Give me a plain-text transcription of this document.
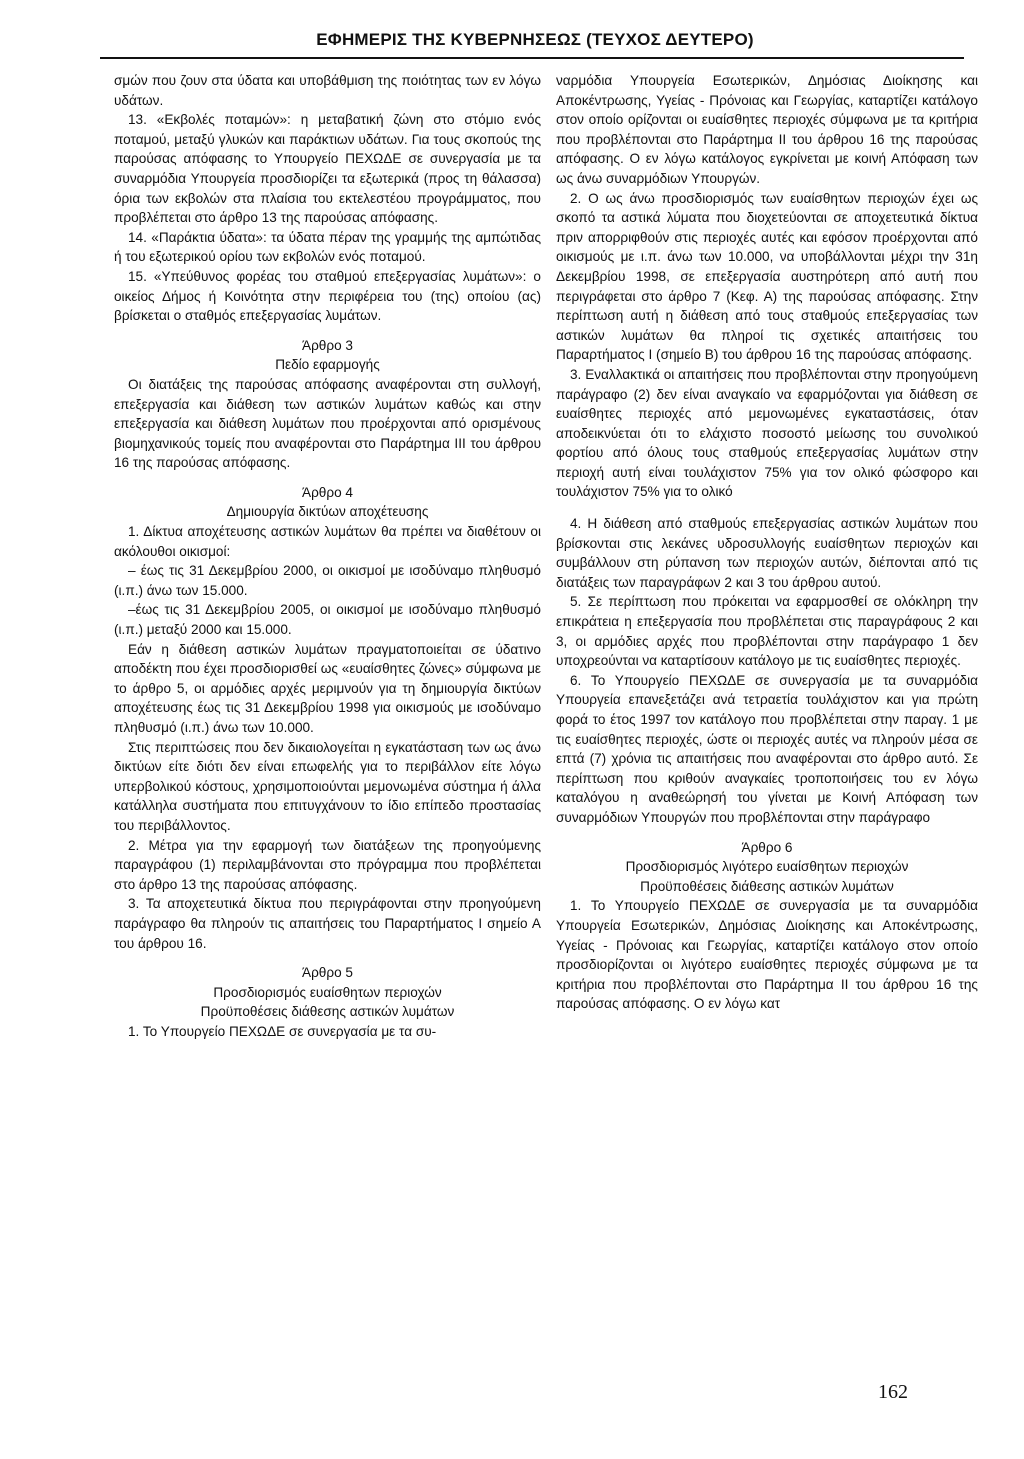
ΕΦΗΜΕΡΙΣ ΤΗΣ ΚΥΒΕΡΝΗΣΕΩΣ (ΤΕΥΧΟΣ ΔΕΥΤΕΡΟ)

σμών που ζουν στα ύδατα και υποβάθμιση της ποιότητας των εν λόγω υδάτων.

13. «Εκβολές ποταμών»: η μεταβατική ζώνη στο στόμιο ενός ποταμού, μεταξύ γλυκών και παράκτιων υδάτων. Για τους σκοπούς της παρούσας απόφασης το Υπουργείο ΠΕΧΩΔΕ σε συνεργασία με τα συναρμόδια Υπουργεία προσδιορίζει τα εξωτερικά (προς τη θάλασσα) όρια των εκβολών στα πλαίσια του εκτελεστέου προγράμματος, που προβλέπεται στο άρθρο 13 της παρούσας απόφασης.

14. «Παράκτια ύδατα»: τα ύδατα πέραν της γραμμής της αμπώτιδας ή του εξωτερικού ορίου των εκβολών ενός ποταμού.

15. «Υπεύθυνος φορέας του σταθμού επεξεργασίας λυμάτων»: ο οικείος Δήμος ή Κοινότητα στην περιφέρεια του (της) οποίου (ας) βρίσκεται ο σταθμός επεξεργασίας λυμάτων.

Άρθρο 3
Πεδίο εφαρμογής

Οι διατάξεις της παρούσας απόφασης αναφέρονται στη συλλογή, επεξεργασία και διάθεση των αστικών λυμάτων καθώς και στην επεξεργασία και διάθεση λυμάτων που προέρχονται από ορισμένους βιομηχανικούς τομείς που αναφέρονται στο Παράρτημα III του άρθρου 16 της παρούσας απόφασης.

Άρθρο 4
Δημιουργία δικτύων αποχέτευσης

1. Δίκτυα αποχέτευσης αστικών λυμάτων θα πρέπει να διαθέτουν οι ακόλουθοι οικισμοί:

– έως τις 31 Δεκεμβρίου 2000, οι οικισμοί με ισοδύναμο πληθυσμό (ι.π.) άνω των 15.000.

–έως τις 31 Δεκεμβρίου 2005, οι οικισμοί με ισοδύναμο πληθυσμό (ι.π.) μεταξύ 2000 και 15.000.

Εάν η διάθεση αστικών λυμάτων πραγματοποιείται σε ύδατινο αποδέκτη που έχει προσδιορισθεί ως «ευαίσθητες ζώνες» σύμφωνα με το άρθρο 5, οι αρμόδιες αρχές μεριμνούν για τη δημιουργία δικτύων αποχέτευσης έως τις 31 Δεκεμβρίου 1998 για οικισμούς με ισοδύναμο πληθυσμό (ι.π.) άνω των 10.000.

Στις περιπτώσεις που δεν δικαιολογείται η εγκατάσταση των ως άνω δικτύων είτε διότι δεν είναι επωφελής για το περιβάλλον είτε λόγω υπερβολικού κόστους, χρησιμοποιούνται μεμονωμένα σύστημα ή άλλα κατάλληλα συστήματα που επιτυγχάνουν το ίδιο επίπεδο προστασίας του περιβάλλοντος.

2. Μέτρα για την εφαρμογή των διατάξεων της προηγούμενης παραγράφου (1) περιλαμβάνονται στο πρόγραμμα που προβλέπεται στο άρθρο 13 της παρούσας απόφασης.

3. Τα αποχετευτικά δίκτυα που περιγράφονται στην προηγούμενη παράγραφο θα πληρούν τις απαιτήσεις του Παραρτήματος I σημείο Α του άρθρου 16.

Άρθρο 5
Προσδιορισμός ευαίσθητων περιοχών
Προϋποθέσεις διάθεσης αστικών λυμάτων

1. Το Υπουργείο ΠΕΧΩΔΕ σε συνεργασία με τα συ-

ναρμόδια Υπουργεία Εσωτερικών, Δημόσιας Διοίκησης και Αποκέντρωσης, Υγείας - Πρόνοιας και Γεωργίας, καταρτίζει κατάλογο στον οποίο ορίζονται οι ευαίσθητες περιοχές σύμφωνα με τα κριτήρια που προβλέπονται στο Παράρτημα II του άρθρου 16 της παρούσας απόφασης. Ο εν λόγω κατάλογος εγκρίνεται με κοινή Απόφαση των ως άνω συναρμόδιων Υπουργών.

2. Ο ως άνω προσδιορισμός των ευαίσθητων περιοχών έχει ως σκοπό τα αστικά λύματα που διοχετεύονται σε αποχετευτικά δίκτυα πριν απορριφθούν στις περιοχές αυτές και εφόσον προέρχονται από οικισμούς με ι.π. άνω των 10.000, να υποβάλλονται μέχρι την 31η Δεκεμβρίου 1998, σε επεξεργασία αυστηρότερη από αυτή που περιγράφεται στο άρθρο 7 (Κεφ. Α) της παρούσας απόφασης. Στην περίπτωση αυτή η διάθεση από τους σταθμούς επεξεργασίας των αστικών λυμάτων θα πληροί τις σχετικές απαιτήσεις του Παραρτήματος I (σημείο Β) του άρθρου 16 της παρούσας απόφασης.

3. Εναλλακτικά οι απαιτήσεις που προβλέπονται στην προηγούμενη παράγραφο (2) δεν είναι αναγκαίο να εφαρμόζονται για διάθεση σε ευαίσθητες περιοχές από μεμονωμένες εγκαταστάσεις, όταν αποδεικνύεται ότι το ελάχιστο ποσοστό μείωσης του συνολικού φορτίου από όλους τους σταθμούς επεξεργασίας λυμάτων στην περιοχή αυτή είναι τουλάχιστον 75% για τον ολικό φώσφορο και τουλάχιστον 75% για το ολικό

4. Η διάθεση από σταθμούς επεξεργασίας αστικών λυμάτων που βρίσκονται στις λεκάνες υδροσυλλογής ευαίσθητων περιοχών και συμβάλλουν στη ρύπανση των περιοχών αυτών, διέπονται από τις διατάξεις των παραγράφων 2 και 3 του άρθρου αυτού.

5. Σε περίπτωση που πρόκειται να εφαρμοσθεί σε ολόκληρη την επικράτεια η επεξεργασία που προβλέπεται στις παραγράφους 2 και 3, οι αρμόδιες αρχές που προβλέπονται στην παράγραφο 1 δεν υποχρεούνται να καταρτίσουν κατάλογο με τις ευαίσθητες περιοχές.

6. Το Υπουργείο ΠΕΧΩΔΕ σε συνεργασία με τα συναρμόδια Υπουργεία επανεξετάζει ανά τετραετία τουλάχιστον και για πρώτη φορά το έτος 1997 τον κατάλογο που προβλέπεται στην παραγ. 1 με τις ευαίσθητες περιοχές, ώστε οι περιοχές αυτές να πληρούν μέσα σε επτά (7) χρόνια τις απαιτήσεις που αναφέρονται στο άρθρο αυτό. Σε περίπτωση που κριθούν αναγκαίες τροποποιήσεις του εν λόγω καταλόγου η αναθεώρησή του γίνεται με Κοινή Απόφαση των συναρμόδιων Υπουργών που προβλέπονται στην παράγραφο

Άρθρο 6
Προσδιορισμός λιγότερο ευαίσθητων περιοχών
Προϋποθέσεις διάθεσης αστικών λυμάτων

1. Το Υπουργείο ΠΕΧΩΔΕ σε συνεργασία με τα συναρμόδια Υπουργεία Εσωτερικών, Δημόσιας Διοίκησης και Αποκέντρωσης, Υγείας - Πρόνοιας και Γεωργίας, καταρτίζει κατάλογο στον οποίο προσδιορίζονται οι λιγότερο ευαίσθητες περιοχές σύμφωνα με τα κριτήρια που προβλέπονται στο Παράρτημα II του άρθρου 16 της παρούσας απόφασης. Ο εν λόγω κατ

162
